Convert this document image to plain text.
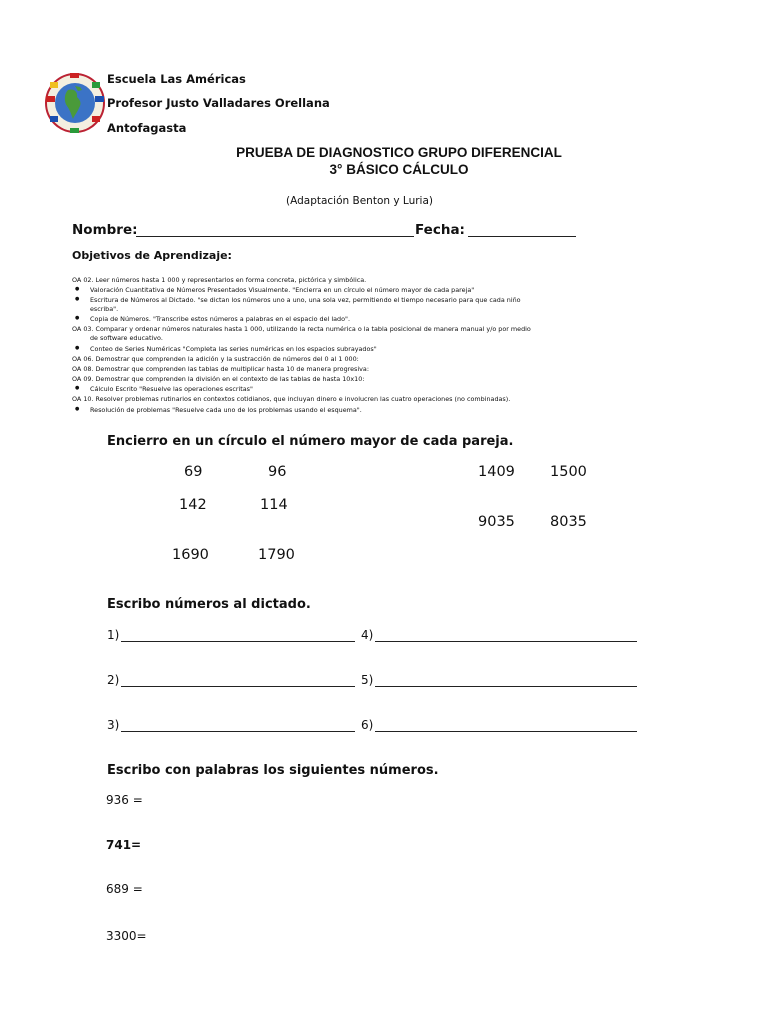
Escuela Las Américas
Profesor Justo Valladares Orellana
Antofagasta
PRUEBA DE DIAGNOSTICO GRUPO DIFERENCIAL
3° BÁSICO CÁLCULO
(Adaptación Benton y Luria)
Nombre:	Fecha:
Objetivos de Aprendizaje:
OA 02. Leer números hasta 1 000 y representarlos en forma concreta, pictórica y simbólica.
● Valoración Cuantitativa de Números Presentados Visualmente. "Encierra en un círculo el número mayor de cada pareja"
● Escritura de Números al Dictado. "se dictan los números uno a uno, una sola vez, permitiendo el tiempo necesario para que cada niño
escriba".
● Copia de Números. "Transcribe estos números a palabras en el espacio del lado".
OA 03. Comparar y ordenar números naturales hasta 1 000, utilizando la recta numérica o la tabla posicional de manera manual y/o por medio
de software educativo.
● Conteo de Series Numéricas "Completa las series numéricas en los espacios subrayados"
OA 06. Demostrar que comprenden la adición y la sustracción de números del 0 al 1 000:
OA 08. Demostrar que comprenden las tablas de multiplicar hasta 10 de manera progresiva:
OA 09. Demostrar que comprenden la división en el contexto de las tablas de hasta 10x10:
● Cálculo Escrito "Resuelve las operaciones escritas"
OA 10. Resolver problemas rutinarios en contextos cotidianos, que incluyan dinero e involucren las cuatro operaciones (no combinadas).
● Resolución de problemas "Resuelve cada uno de los problemas usando el esquema".
Encierro en un círculo el número mayor de cada pareja.
69	96
142	114
1690	1790
1409 1500
9035 8035
Escribo números al dictado.
1)	4)
2)	5)
3)	6)
Escribo con palabras los siguientes números.
936 =
741=
689 =
3300=
